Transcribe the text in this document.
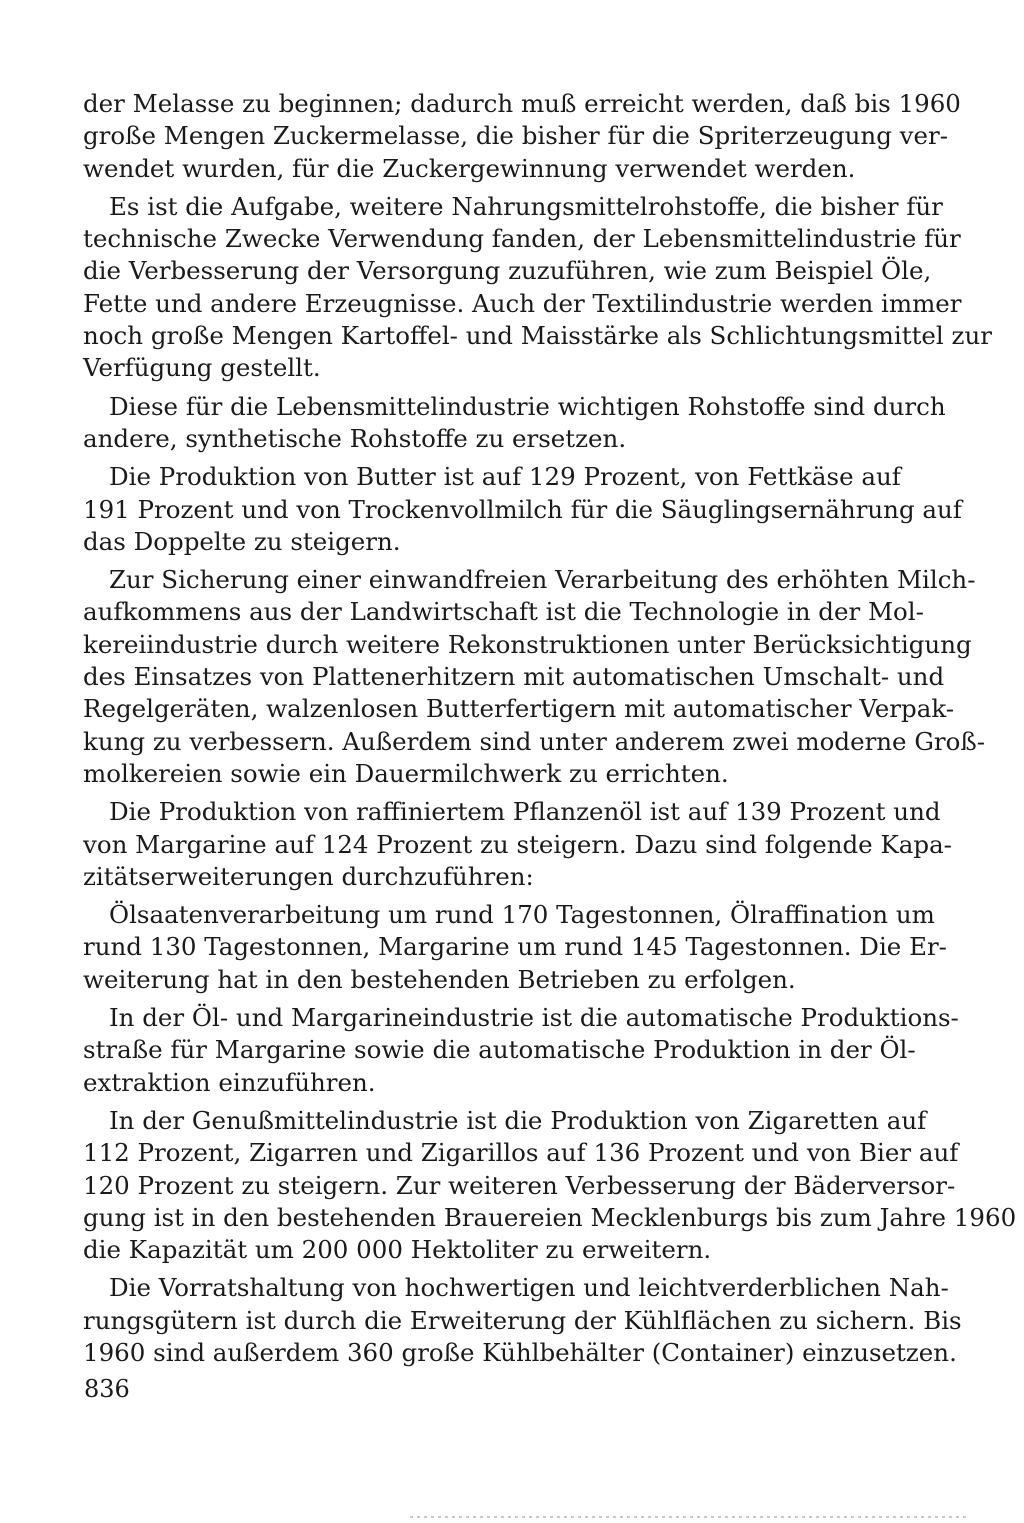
der Melasse zu beginnen; dadurch muß erreicht werden, daß bis 1960
große Mengen Zuckermelasse, die bisher für die Spriterzeugung ver-
wendet wurden, für die Zuckergewinnung verwendet werden.
Es ist die Aufgabe, weitere Nahrungsmittelrohstoffe, die bisher für
technische Zwecke Verwendung fanden, der Lebensmittelindustrie für
die Verbesserung der Versorgung zuzuführen, wie zum Beispiel Öle,
Fette und andere Erzeugnisse. Auch der Textilindustrie werden immer
noch große Mengen Kartoffel- und Maisstärke als Schlichtungsmittel zur
Verfügung gestellt.
Diese für die Lebensmittelindustrie wichtigen Rohstoffe sind durch
andere, synthetische Rohstoffe zu ersetzen.
Die Produktion von Butter ist auf 129 Prozent, von Fettkäse auf
191 Prozent und von Trockenvollmilch für die Säuglingsernährung auf
das Doppelte zu steigern.
Zur Sicherung einer einwandfreien Verarbeitung des erhöhten Milch-
aufkommens aus der Landwirtschaft ist die Technologie in der Mol-
kereiindustrie durch weitere Rekonstruktionen unter Berücksichtigung
des Einsatzes von Plattenerhitzern mit automatischen Umschalt- und
Regelgeräten, walzenlosen Butterfertigern mit automatischer Verpak-
kung zu verbessern. Außerdem sind unter anderem zwei moderne Groß-
molkereien sowie ein Dauermilchwerk zu errichten.
Die Produktion von raffiniertem Pflanzenöl ist auf 139 Prozent und
von Margarine auf 124 Prozent zu steigern. Dazu sind folgende Kapa-
zitätserweiterungen durchzuführen:
Ölsaatenverarbeitung um rund 170 Tagestonnen, Ölraffination um
rund 130 Tagestonnen, Margarine um rund 145 Tagestonnen. Die Er-
weiterung hat in den bestehenden Betrieben zu erfolgen.
In der Öl- und Margarineindustrie ist die automatische Produktions-
straße für Margarine sowie die automatische Produktion in der Öl-
extraktion einzuführen.
In der Genußmittelindustrie ist die Produktion von Zigaretten auf
112 Prozent, Zigarren und Zigarillos auf 136 Prozent und von Bier auf
120 Prozent zu steigern. Zur weiteren Verbesserung der Bäderversor-
gung ist in den bestehenden Brauereien Mecklenburgs bis zum Jahre 1960
die Kapazität um 200 000 Hektoliter zu erweitern.
Die Vorratshaltung von hochwertigen und leichtverderblichen Nah-
rungsgütern ist durch die Erweiterung der Kühlflächen zu sichern. Bis
1960 sind außerdem 360 große Kühlbehälter (Container) einzusetzen.
836
